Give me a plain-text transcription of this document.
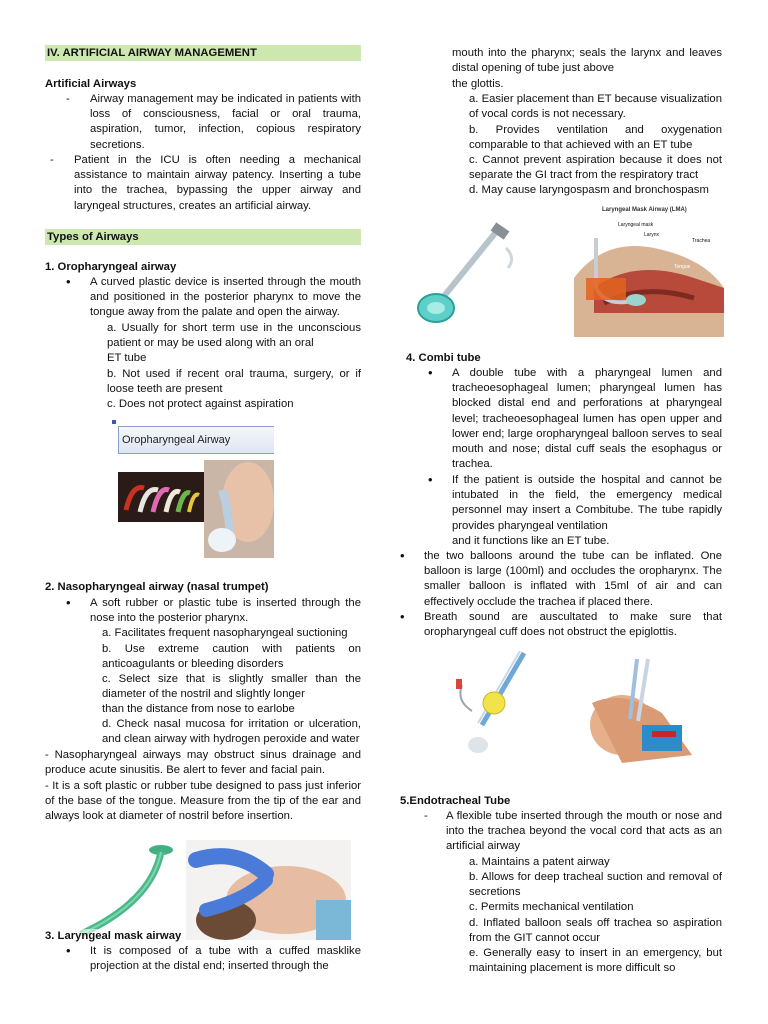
IV. ARTIFICIAL AIRWAY MANAGEMENT
Artificial Airways
- Airway management may be indicated in patients with loss of consciousness, facial or oral trauma, aspiration, tumor, infection, copious respiratory secretions.
- Patient in the ICU is often needing a mechanical assistance to maintain airway patency. Inserting a tube into the trachea, bypassing the upper airway and laryngeal structures, creates an artificial airway.
Types of Airways
1. Oropharyngeal airway
• A curved plastic device is inserted through the mouth and positioned in the posterior pharynx to move the tongue away from the palate and open the airway.
a. Usually for short term use in the unconscious patient or may be used along with an oral
ET tube
b. Not used if recent oral trauma, surgery, or if loose teeth are present
c. Does not protect against aspiration
Oropharyngeal Airway
2. Nasopharyngeal airway (nasal trumpet)
• A soft rubber or plastic tube is inserted through the nose into the posterior pharynx.
a. Facilitates frequent nasopharyngeal suctioning
b. Use extreme caution with patients on anticoagulants or bleeding disorders
c. Select size that is slightly smaller than the diameter of the nostril and slightly longer
than the distance from nose to earlobe
d. Check nasal mucosa for irritation or ulceration, and clean airway with hydrogen peroxide and water
- Nasopharyngeal airways may obstruct sinus drainage and produce acute sinusitis. Be alert to fever and facial pain.
- It is a soft plastic or rubber tube designed to pass just inferior of the base of the tongue. Measure from the tip of the ear and always look at diameter of nostril before insertion.
3. Laryngeal mask airway
• It is composed of a tube with a cuffed masklike projection at the distal end; inserted through the
mouth into the pharynx; seals the larynx and leaves distal opening of tube just above
the glottis.
a. Easier placement than ET because visualization of vocal cords is not necessary.
b. Provides ventilation and oxygenation comparable to that achieved with an ET tube
c. Cannot prevent aspiration because it does not separate the GI tract from the respiratory tract
d. May cause laryngospasm and bronchospasm
Laryngeal Mask Airway (LMA)
Laryngeal mask
Larynx
Trachea
Tongue
4. Combi tube
• A double tube with a pharyngeal lumen and tracheoesophageal lumen; pharyngeal lumen has blocked distal end and perforations at pharyngeal level; tracheoesophageal lumen has open upper and lower end; large oropharyngeal balloon serves to seal mouth and nose; distal cuff seals the esophagus or trachea.
• If the patient is outside the hospital and cannot be intubated in the field, the emergency medical personnel may insert a Combitube. The tube rapidly provides pharyngeal ventilation
and it functions like an ET tube.
• the two balloons around the tube can be inflated. One balloon is large (100ml) and occludes the oropharynx. The smaller balloon is inflated with 15ml of air and can effectively occlude the trachea if placed there.
• Breath sound are auscultated to make sure that oropharyngeal cuff does not obstruct the epiglottis.
5.Endotracheal Tube
- A flexible tube inserted through the mouth or nose and into the trachea beyond the vocal cord that acts as an artificial airway
a. Maintains a patent airway
b. Allows for deep tracheal suction and removal of secretions
c. Permits mechanical ventilation
d. Inflated balloon seals off trachea so aspiration from the GIT cannot occur
e. Generally easy to insert in an emergency, but maintaining placement is more difficult so
